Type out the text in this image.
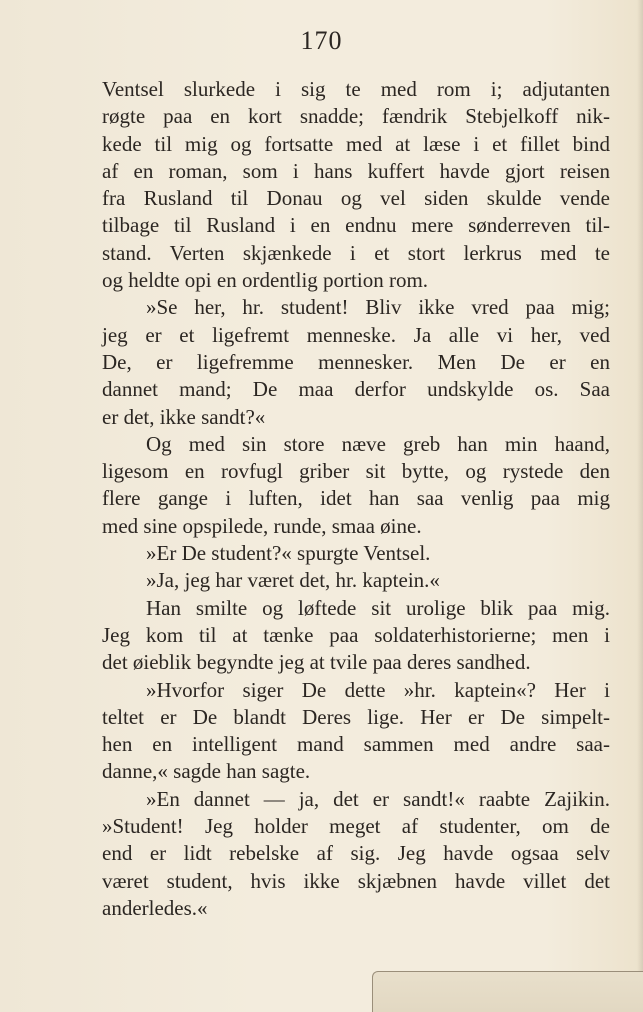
170
Ventsel slurkede i sig te med rom i; adjutanten
røgte paa en kort snadde; fændrik Stebjelkoff nik-
kede til mig og fortsatte med at læse i et fillet bind
af en roman, som i hans kuffert havde gjort reisen
fra Rusland til Donau og vel siden skulde vende
tilbage til Rusland i en endnu mere sønderreven til-
stand. Verten skjænkede i et stort lerkrus med te
og heldte opi en ordentlig portion rom.
»Se her, hr. student! Bliv ikke vred paa mig;
jeg er et ligefremt menneske. Ja alle vi her, ved
De, er ligefremme mennesker. Men De er en
dannet mand; De maa derfor undskylde os. Saa
er det, ikke sandt?«
Og med sin store næve greb han min haand,
ligesom en rovfugl griber sit bytte, og rystede den
flere gange i luften, idet han saa venlig paa mig
med sine opspilede, runde, smaa øine.
»Er De student?« spurgte Ventsel.
»Ja, jeg har været det, hr. kaptein.«
Han smilte og løftede sit urolige blik paa mig.
Jeg kom til at tænke paa soldaterhistorierne; men i
det øieblik begyndte jeg at tvile paa deres sandhed.
»Hvorfor siger De dette »hr. kaptein«? Her i
teltet er De blandt Deres lige. Her er De simpelt-
hen en intelligent mand sammen med andre saa-
danne,« sagde han sagte.
»En dannet — ja, det er sandt!« raabte Zajikin.
»Student! Jeg holder meget af studenter, om de
end er lidt rebelske af sig. Jeg havde ogsaa selv
været student, hvis ikke skjæbnen havde villet det
anderledes.«
